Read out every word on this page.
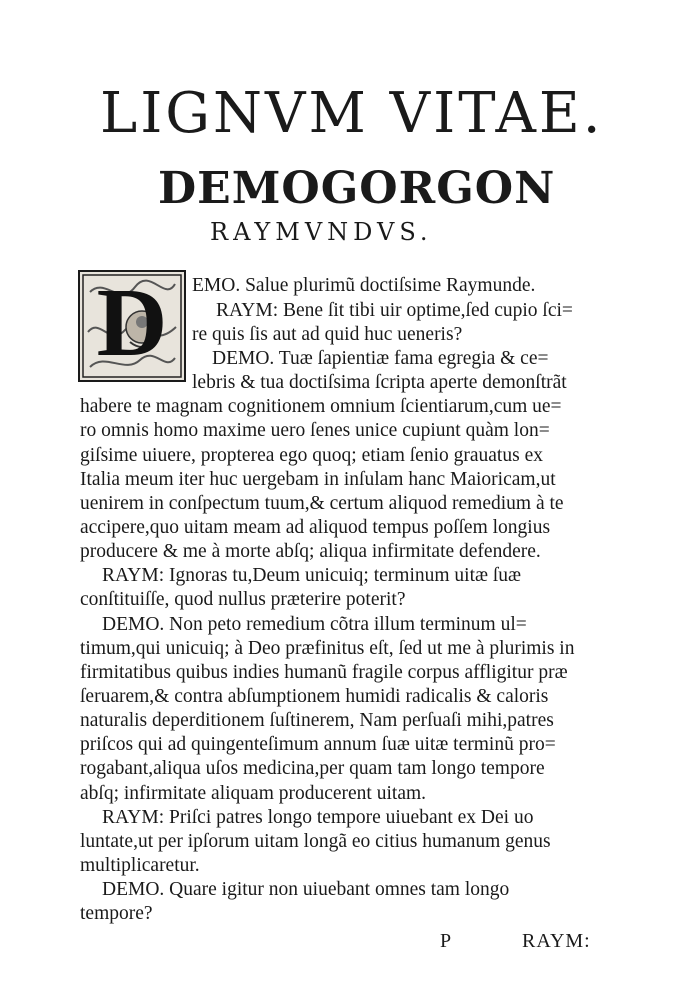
LIGNVM VITAE.
DEMOGORGON
RAYMVNDVS.
D	EMO. Salue plurimũ doctiſsime Raymunde.
RAYM: Bene ſit tibi uir optime,ſed cupio ſci=
re quis ſis aut ad quid huc ueneris?
DEMO. Tuæ ſapientiæ fama egregia & ce=
lebris & tua doctiſsima ſcripta aperte demonſtrãt
habere te magnam cognitionem omnium ſcientiarum,cum ue=
ro omnis homo maxime uero ſenes unice cupiunt quàm lon=
giſsime uiuere, propterea ego quoq; etiam ſenio grauatus ex
Italia meum iter huc uergebam in inſulam hanc Maioricam,ut
uenirem in conſpectum tuum,& certum aliquod remedium à te
accipere,quo uitam meam ad aliquod tempus poſſem longius
producere & me à morte abſq; aliqua infirmitate defendere.
RAYM: Ignoras tu,Deum unicuiq; terminum uitæ ſuæ
conſtituiſſe, quod nullus præterire poterit?
DEMO. Non peto remedium cõtra illum terminum ul=
timum,qui unicuiq; à Deo præfinitus eſt, ſed ut me à plurimis in
firmitatibus quibus indies humanũ fragile corpus affligitur præ
ſeruarem,& contra abſumptionem humidi radicalis & caloris
naturalis deperditionem ſuſtinerem, Nam perſuaſi mihi,patres
priſcos qui ad quingenteſimum annum ſuæ uitæ terminũ pro=
rogabant,aliqua uſos medicina,per quam tam longo tempore
abſq; infirmitate aliquam producerent uitam.
RAYM: Priſci patres longo tempore uiuebant ex Dei uo
luntate,ut per ipſorum uitam longã eo citius humanum genus
multiplicaretur.
DEMO. Quare igitur non uiuebant omnes tam longo
tempore?
P	RAYM:
